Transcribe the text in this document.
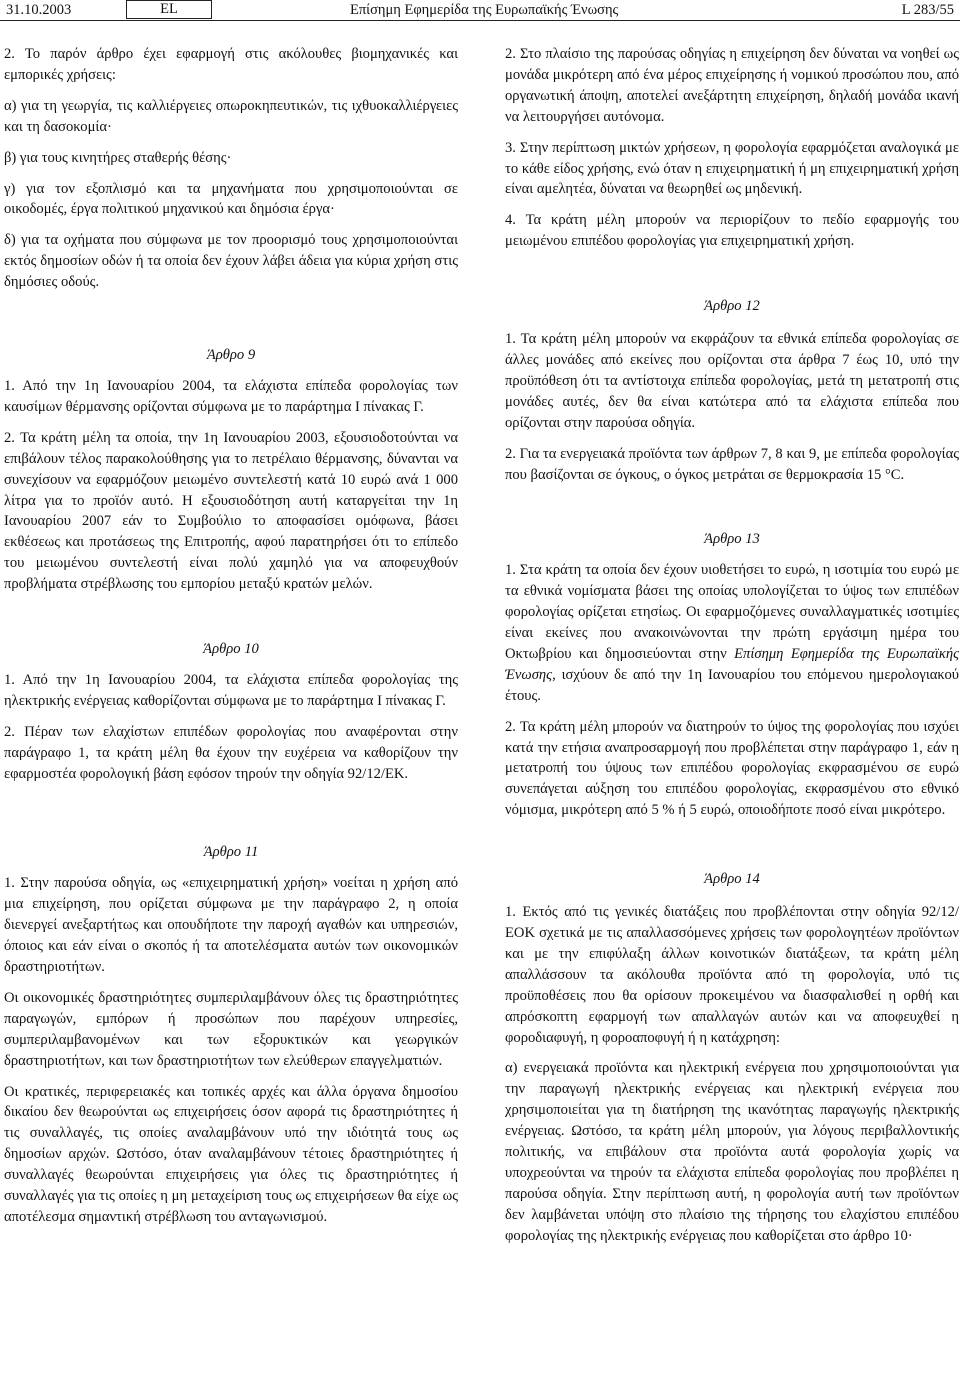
31.10.2003	EL	Επίσημη Εφημερίδα της Ευρωπαϊκής Ένωσης	L 283/55

2. Το παρόν άρθρο έχει εφαρμογή στις ακόλουθες βιομηχανικές και εμπορικές χρήσεις:

α) για τη γεωργία, τις καλλιέργειες οπωροκηπευτικών, τις ιχθυοκαλλιέργειες και τη δασοκομία·

β) για τους κινητήρες σταθερής θέσης·

γ) για τον εξοπλισμό και τα μηχανήματα που χρησιμοποιούνται σε οικοδομές, έργα πολιτικού μηχανικού και δημόσια έργα·

δ) για τα οχήματα που σύμφωνα με τον προορισμό τους χρησιμοποιούνται εκτός δημοσίων οδών ή τα οποία δεν έχουν λάβει άδεια για κύρια χρήση στις δημόσιες οδούς.

Άρθρο 9

1. Από την 1η Ιανουαρίου 2004, τα ελάχιστα επίπεδα φορολογίας των καυσίμων θέρμανσης ορίζονται σύμφωνα με το παράρτημα Ι πίνακας Γ.

2. Τα κράτη μέλη τα οποία, την 1η Ιανουαρίου 2003, εξουσιοδοτούνται να επιβάλουν τέλος παρακολούθησης για το πετρέλαιο θέρμανσης, δύνανται να συνεχίσουν να εφαρμόζουν μειωμένο συντελεστή κατά 10 ευρώ ανά 1 000 λίτρα για το προϊόν αυτό. Η εξουσιοδότηση αυτή καταργείται την 1η Ιανουαρίου 2007 εάν το Συμβούλιο το αποφασίσει ομόφωνα, βάσει εκθέσεως και προτάσεως της Επιτροπής, αφού παρατηρήσει ότι το επίπεδο του μειωμένου συντελεστή είναι πολύ χαμηλό για να αποφευχθούν προβλήματα στρέβλωσης του εμπορίου μεταξύ κρατών μελών.

Άρθρο 10

1. Από την 1η Ιανουαρίου 2004, τα ελάχιστα επίπεδα φορολογίας της ηλεκτρικής ενέργειας καθορίζονται σύμφωνα με το παράρτημα Ι πίνακας Γ.

2. Πέραν των ελαχίστων επιπέδων φορολογίας που αναφέρονται στην παράγραφο 1, τα κράτη μέλη θα έχουν την ευχέρεια να καθορίζουν την εφαρμοστέα φορολογική βάση εφόσον τηρούν την οδηγία 92/12/ΕΚ.

Άρθρο 11

1. Στην παρούσα οδηγία, ως «επιχειρηματική χρήση» νοείται η χρήση από μια επιχείρηση, που ορίζεται σύμφωνα με την παράγραφο 2, η οποία διενεργεί ανεξαρτήτως και οπουδήποτε την παροχή αγαθών και υπηρεσιών, όποιος και εάν είναι ο σκοπός ή τα αποτελέσματα αυτών των οικονομικών δραστηριοτήτων.

Οι οικονομικές δραστηριότητες συμπεριλαμβάνουν όλες τις δραστηριότητες παραγωγών, εμπόρων ή προσώπων που παρέχουν υπηρεσίες, συμπεριλαμβανομένων και των εξορυκτικών και γεωργικών δραστηριοτήτων, και των δραστηριοτήτων των ελεύθερων επαγγελματιών.

Οι κρατικές, περιφερειακές και τοπικές αρχές και άλλα όργανα δημοσίου δικαίου δεν θεωρούνται ως επιχειρήσεις όσον αφορά τις δραστηριότητες ή τις συναλλαγές, τις οποίες αναλαμβάνουν υπό την ιδιότητά τους ως δημοσίων αρχών. Ωστόσο, όταν αναλαμβάνουν τέτοιες δραστηριότητες ή συναλλαγές θεωρούνται επιχειρήσεις για όλες τις δραστηριότητες ή συναλλαγές για τις οποίες η μη μεταχείριση τους ως επιχειρήσεων θα είχε ως αποτέλεσμα σημαντική στρέβλωση του ανταγωνισμού.

2. Στο πλαίσιο της παρούσας οδηγίας η επιχείρηση δεν δύναται να νοηθεί ως μονάδα μικρότερη από ένα μέρος επιχείρησης ή νομικού προσώπου που, από οργανωτική άποψη, αποτελεί ανεξάρτητη επιχείρηση, δηλαδή μονάδα ικανή να λειτουργήσει αυτόνομα.

3. Στην περίπτωση μικτών χρήσεων, η φορολογία εφαρμόζεται αναλογικά με το κάθε είδος χρήσης, ενώ όταν η επιχειρηματική ή μη επιχειρηματική χρήση είναι αμελητέα, δύναται να θεωρηθεί ως μηδενική.

4. Τα κράτη μέλη μπορούν να περιορίζουν το πεδίο εφαρμογής του μειωμένου επιπέδου φορολογίας για επιχειρηματική χρήση.

Άρθρο 12

1. Τα κράτη μέλη μπορούν να εκφράζουν τα εθνικά επίπεδα φορολογίας σε άλλες μονάδες από εκείνες που ορίζονται στα άρθρα 7 έως 10, υπό την προϋπόθεση ότι τα αντίστοιχα επίπεδα φορολογίας, μετά τη μετατροπή στις μονάδες αυτές, δεν θα είναι κατώτερα από τα ελάχιστα επίπεδα που ορίζονται στην παρούσα οδηγία.

2. Για τα ενεργειακά προϊόντα των άρθρων 7, 8 και 9, με επίπεδα φορολογίας που βασίζονται σε όγκους, ο όγκος μετράται σε θερμοκρασία 15 °C.

Άρθρο 13

1. Στα κράτη τα οποία δεν έχουν υιοθετήσει το ευρώ, η ισοτιμία του ευρώ με τα εθνικά νομίσματα βάσει της οποίας υπολογίζεται το ύψος των επιπέδων φορολογίας ορίζεται ετησίως. Οι εφαρμοζόμενες συναλλαγματικές ισοτιμίες είναι εκείνες που ανακοινώνονται την πρώτη εργάσιμη ημέρα του Οκτωβρίου και δημοσιεύονται στην Επίσημη Εφημερίδα της Ευρωπαϊκής Ένωσης, ισχύουν δε από την 1η Ιανουαρίου του επόμενου ημερολογιακού έτους.

2. Τα κράτη μέλη μπορούν να διατηρούν το ύψος της φορολογίας που ισχύει κατά την ετήσια αναπροσαρμογή που προβλέπεται στην παράγραφο 1, εάν η μετατροπή του ύψους των επιπέδου φορολογίας εκφρασμένου σε ευρώ συνεπάγεται αύξηση του επιπέδου φορολογίας, εκφρασμένου στο εθνικό νόμισμα, μικρότερη από 5 % ή 5 ευρώ, οποιοδήποτε ποσό είναι μικρότερο.

Άρθρο 14

1. Εκτός από τις γενικές διατάξεις που προβλέπονται στην οδηγία 92/12/ΕΟΚ σχετικά με τις απαλλασσόμενες χρήσεις των φορολογητέων προϊόντων και με την επιφύλαξη άλλων κοινοτικών διατάξεων, τα κράτη μέλη απαλλάσσουν τα ακόλουθα προϊόντα από τη φορολογία, υπό τις προϋποθέσεις που θα ορίσουν προκειμένου να διασφαλισθεί η ορθή και απρόσκοπτη εφαρμογή των απαλλαγών αυτών και να αποφευχθεί η φοροδιαφυγή, η φοροαποφυγή ή η κατάχρηση:

α) ενεργειακά προϊόντα και ηλεκτρική ενέργεια που χρησιμοποιούνται για την παραγωγή ηλεκτρικής ενέργειας και ηλεκτρική ενέργεια που χρησιμοποιείται για τη διατήρηση της ικανότητας παραγωγής ηλεκτρικής ενέργειας. Ωστόσο, τα κράτη μέλη μπορούν, για λόγους περιβαλλοντικής πολιτικής, να επιβάλουν στα προϊόντα αυτά φορολογία χωρίς να υποχρεούνται να τηρούν τα ελάχιστα επίπεδα φορολογίας που προβλέπει η παρούσα οδηγία. Στην περίπτωση αυτή, η φορολογία αυτή των προϊόντων δεν λαμβάνεται υπόψη στο πλαίσιο της τήρησης του ελαχίστου επιπέδου φορολογίας της ηλεκτρικής ενέργειας που καθορίζεται στο άρθρο 10·
